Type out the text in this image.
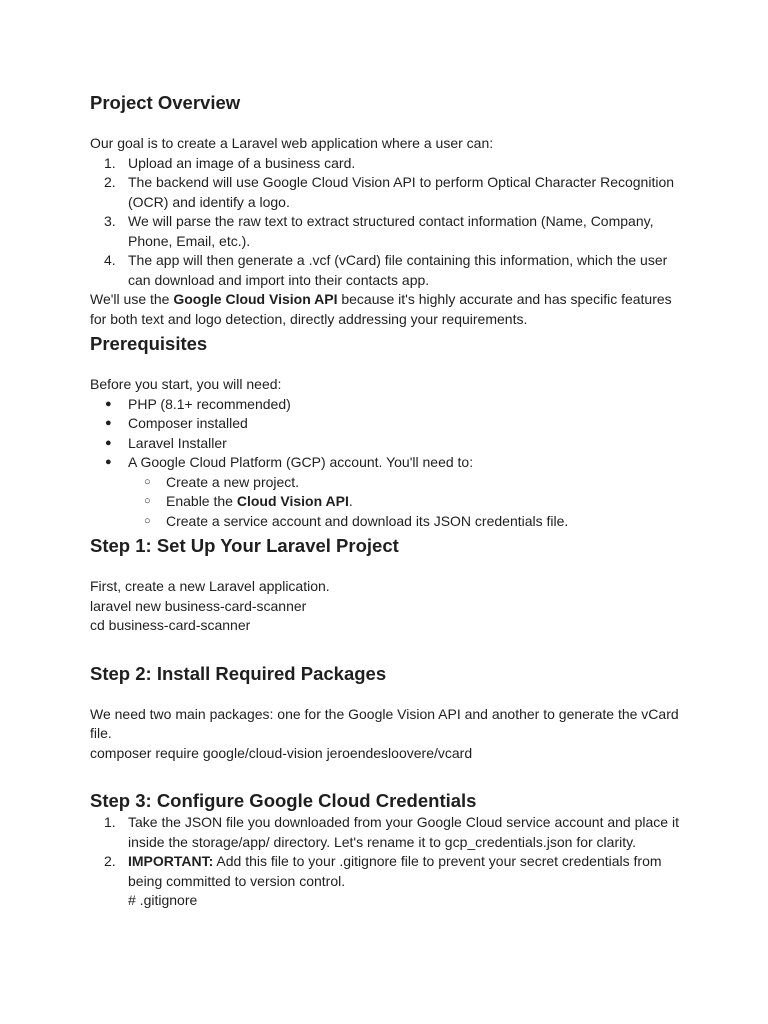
Project Overview

Our goal is to create a Laravel web application where a user can:

1. Upload an image of a business card.
2. The backend will use Google Cloud Vision API to perform Optical Character Recognition (OCR) and identify a logo.
3. We will parse the raw text to extract structured contact information (Name, Company, Phone, Email, etc.).
4. The app will then generate a .vcf (vCard) file containing this information, which the user can download and import into their contacts app.

We'll use the Google Cloud Vision API because it's highly accurate and has specific features for both text and logo detection, directly addressing your requirements.

Prerequisites

Before you start, you will need:

● PHP (8.1+ recommended)
● Composer installed
● Laravel Installer
● A Google Cloud Platform (GCP) account. You'll need to:
○ Create a new project.
○ Enable the Cloud Vision API.
○ Create a service account and download its JSON credentials file.
Step 1: Set Up Your Laravel Project

First, create a new Laravel application.

laravel new business-card-scanner

cd business-card-scanner

Step 2: Install Required Packages

We need two main packages: one for the Google Vision API and another to generate the vCard file.

composer require google/cloud-vision jeroendesloovere/vcard

Step 3: Configure Google Cloud Credentials
1. Take the JSON file you downloaded from your Google Cloud service account and place it inside the storage/app/ directory. Let's rename it to gcp_credentials.json for clarity.
2. IMPORTANT: Add this file to your .gitignore file to prevent your secret credentials from being committed to version control.
# .gitignore
